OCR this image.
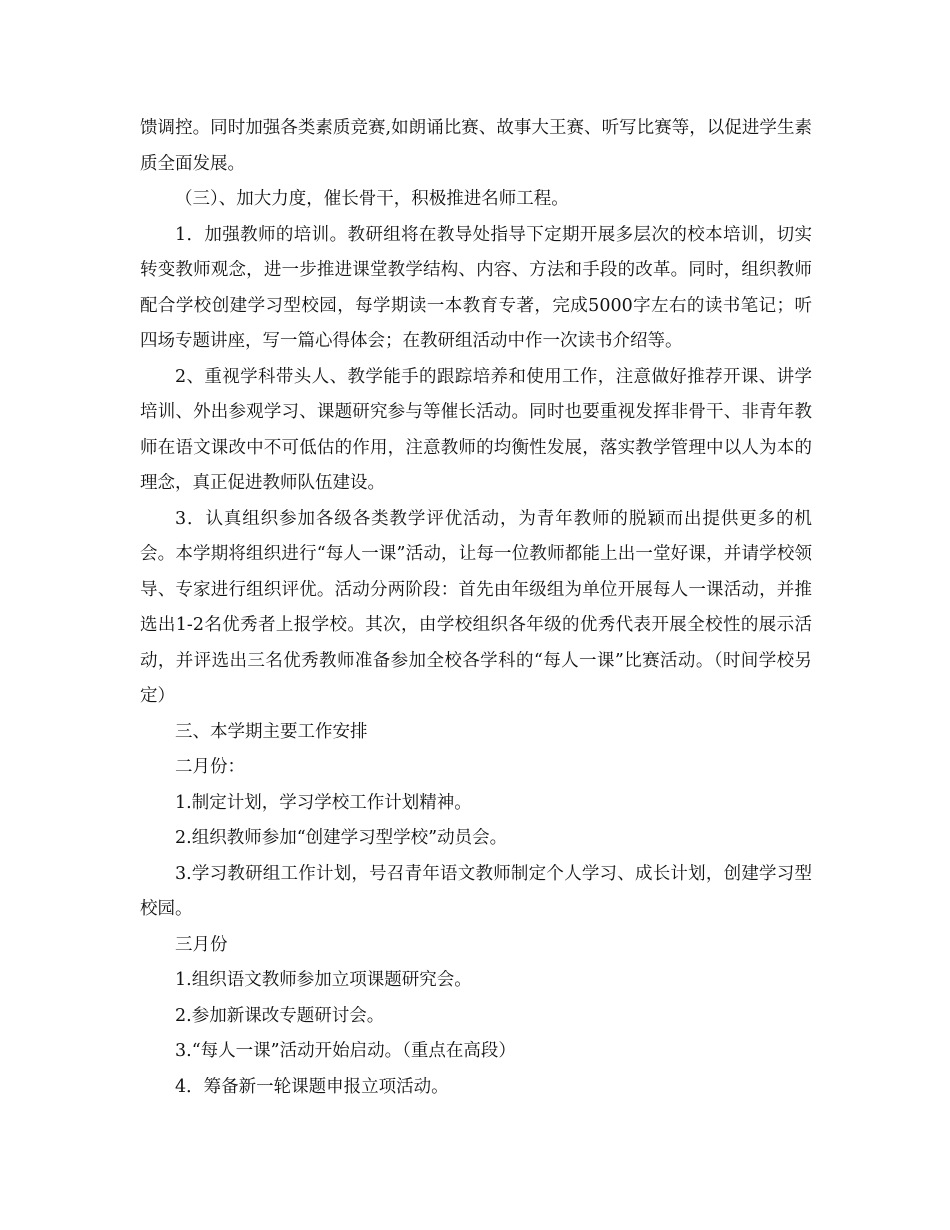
馈调控。同时加强各类素质竞赛,如朗诵比赛、故事大王赛、听写比赛等，以促进学生素质全面发展。

（三）、加大力度，催长骨干，积极推进名师工程。

1．加强教师的培训。教研组将在教导处指导下定期开展多层次的校本培训，切实转变教师观念，进一步推进课堂教学结构、内容、方法和手段的改革。同时，组织教师配合学校创建学习型校园，每学期读一本教育专著，完成5000字左右的读书笔记；听四场专题讲座，写一篇心得体会；在教研组活动中作一次读书介绍等。

2、重视学科带头人、教学能手的跟踪培养和使用工作，注意做好推荐开课、讲学培训、外出参观学习、课题研究参与等催长活动。同时也要重视发挥非骨干、非青年教师在语文课改中不可低估的作用，注意教师的均衡性发展，落实教学管理中以人为本的理念，真正促进教师队伍建设。

3．认真组织参加各级各类教学评优活动，为青年教师的脱颖而出提供更多的机会。本学期将组织进行“每人一课”活动，让每一位教师都能上出一堂好课，并请学校领导、专家进行组织评优。活动分两阶段：首先由年级组为单位开展每人一课活动，并推选出1-2名优秀者上报学校。其次，由学校组织各年级的优秀代表开展全校性的展示活动，并评选出三名优秀教师准备参加全校各学科的“每人一课”比赛活动。（时间学校另定）

三、本学期主要工作安排

二月份：

1.制定计划，学习学校工作计划精神。

2.组织教师参加“创建学习型学校”动员会。

3.学习教研组工作计划，号召青年语文教师制定个人学习、成长计划，创建学习型校园。

三月份

1.组织语文教师参加立项课题研究会。

2.参加新课改专题研讨会。

3.“每人一课”活动开始启动。（重点在高段）

4．筹备新一轮课题申报立项活动。
